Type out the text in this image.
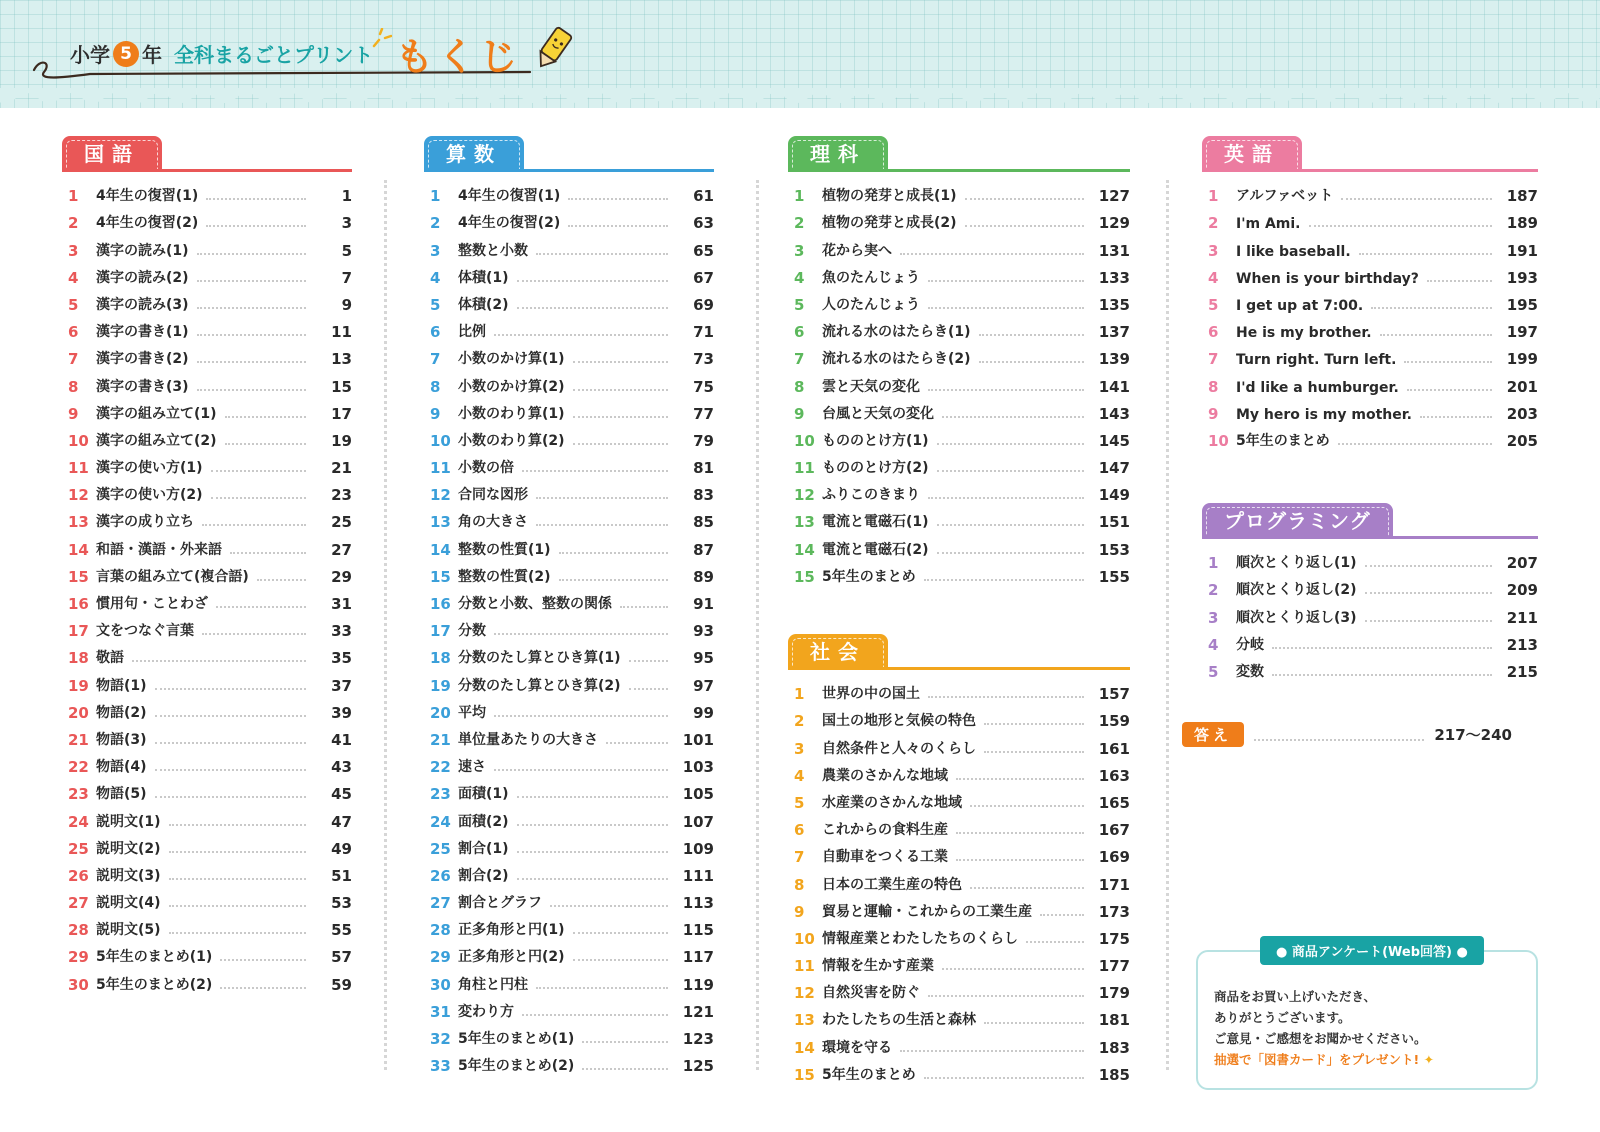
小学 5 年 全科まるごとプリント もくじ
国語
1	4年生の復習(1)	1
2	4年生の復習(2)	3
3	漢字の読み(1)	5
4	漢字の読み(2)	7
5	漢字の読み(3)	9
6	漢字の書き(1)	11
7	漢字の書き(2)	13
8	漢字の書き(3)	15
9	漢字の組み立て(1)	17
10 漢字の組み立て(2)	19
11 漢字の使い方(1)	21
12 漢字の使い方(2)	23
13 漢字の成り立ち	25
14 和語・漢語・外来語	27
15 言葉の組み立て(複合語)	29
16 慣用句・ことわざ	31
17 文をつなぐ言葉	33
18 敬語	35
19 物語(1)	37
20 物語(2)	39
21 物語(3)	41
22 物語(4)	43
23 物語(5)	45
24 説明文(1)	47
25 説明文(2)	49
26 説明文(3)	51
27 説明文(4)	53
28 説明文(5)	55
29 5年生のまとめ(1)	57
30 5年生のまとめ(2)	59
算数
1	4年生の復習(1)	61
2	4年生の復習(2)	63
3	整数と小数	65
4	体積(1)	67
5	体積(2)	69
6	比例	71
7	小数のかけ算(1)	73
8	小数のかけ算(2)	75
9	小数のわり算(1)	77
10 小数のわり算(2)	79
11 小数の倍	81
12 合同な図形	83
13 角の大きさ	85
14 整数の性質(1)	87
15 整数の性質(2)	89
16 分数と小数、整数の関係	91
17 分数	93
18 分数のたし算とひき算(1)	95
19 分数のたし算とひき算(2)	97
20 平均	99
21 単位量あたりの大きさ	101
22 速さ	103
23 面積(1)	105
24 面積(2)	107
25 割合(1)	109
26 割合(2)	111
27 割合とグラフ	113
28 正多角形と円(1)	115
29 正多角形と円(2)	117
30 角柱と円柱	119
31 変わり方	121
32 5年生のまとめ(1)	123
33 5年生のまとめ(2)	125
理科
1	植物の発芽と成長(1)	127
2	植物の発芽と成長(2)	129
3	花から実へ	131
4	魚のたんじょう	133
5	人のたんじょう	135
6	流れる水のはたらき(1)	137
7	流れる水のはたらき(2)	139
8	雲と天気の変化	141
9	台風と天気の変化	143
10 もののとけ方(1)	145
11 もののとけ方(2)	147
12 ふりこのきまり	149
13 電流と電磁石(1)	151
14 電流と電磁石(2)	153
15 5年生のまとめ	155
社会
1	世界の中の国土	157
2	国土の地形と気候の特色	159
3	自然条件と人々のくらし	161
4	農業のさかんな地域	163
5	水産業のさかんな地域	165
6	これからの食料生産	167
7	自動車をつくる工業	169
8	日本の工業生産の特色	171
9	貿易と運輸・これからの工業生産	173
10 情報産業とわたしたちのくらし	175
11 情報を生かす産業	177
12 自然災害を防ぐ	179
13 わたしたちの生活と森林	181
14 環境を守る	183
15 5年生のまとめ	185
英語
1	アルファベット	187
2	I'm Ami.	189
3	I like baseball.	191
4	When is your birthday?	193
5	I get up at 7:00.	195
6	He is my brother.	197
7	Turn right. Turn left.	199
8	I'd like a humburger.	201
9	My hero is my mother.	203
10 5年生のまとめ	205
プログラミング
1	順次とくり返し(1)	207
2	順次とくり返し(2)	209
3	順次とくり返し(3)	211
4	分岐	213
5	変数	215
答え	217～240
● 商品アンケート(Web回答) ●
商品をお買い上げいただき、
ありがとうございます。
ご意見・ご感想をお聞かせください。
抽選で「図書カード」をプレゼント! ✦
